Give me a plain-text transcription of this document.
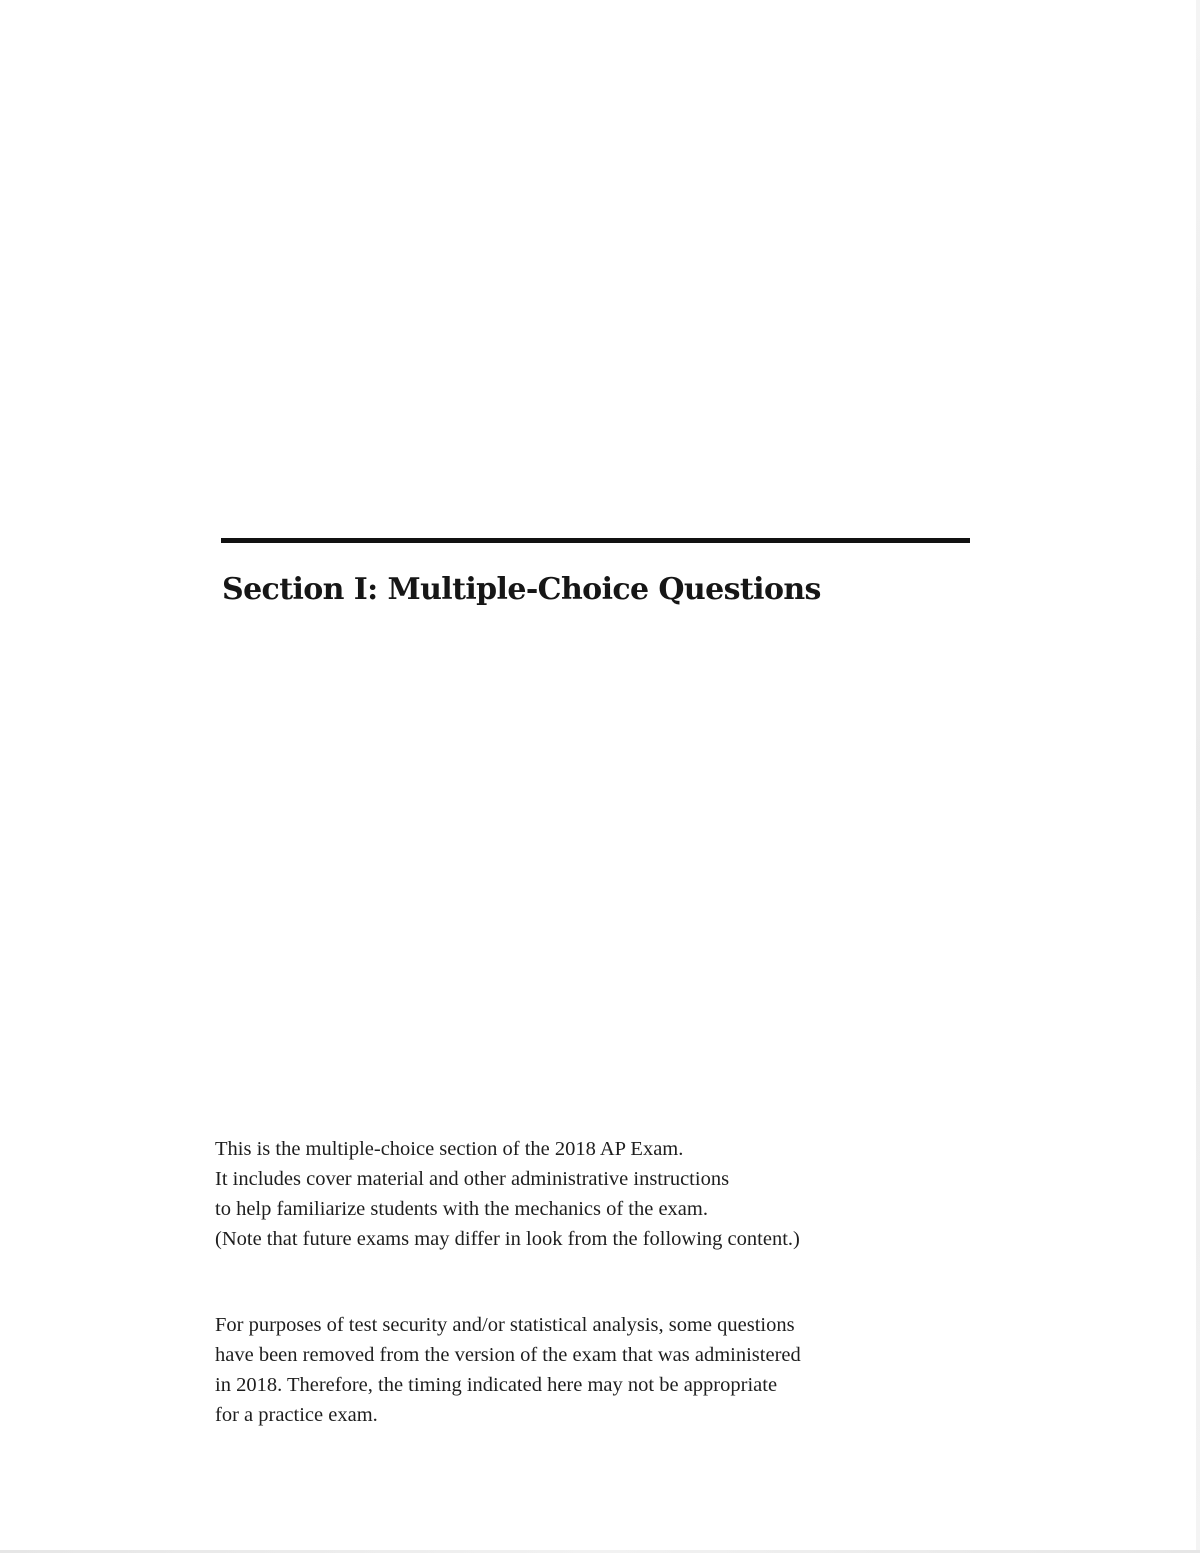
Section I: Multiple-Choice Questions

This is the multiple-choice section of the 2018 AP Exam.
It includes cover material and other administrative instructions
to help familiarize students with the mechanics of the exam.
(Note that future exams may differ in look from the following content.)

For purposes of test security and/or statistical analysis, some questions
have been removed from the version of the exam that was administered
in 2018. Therefore, the timing indicated here may not be appropriate
for a practice exam.
